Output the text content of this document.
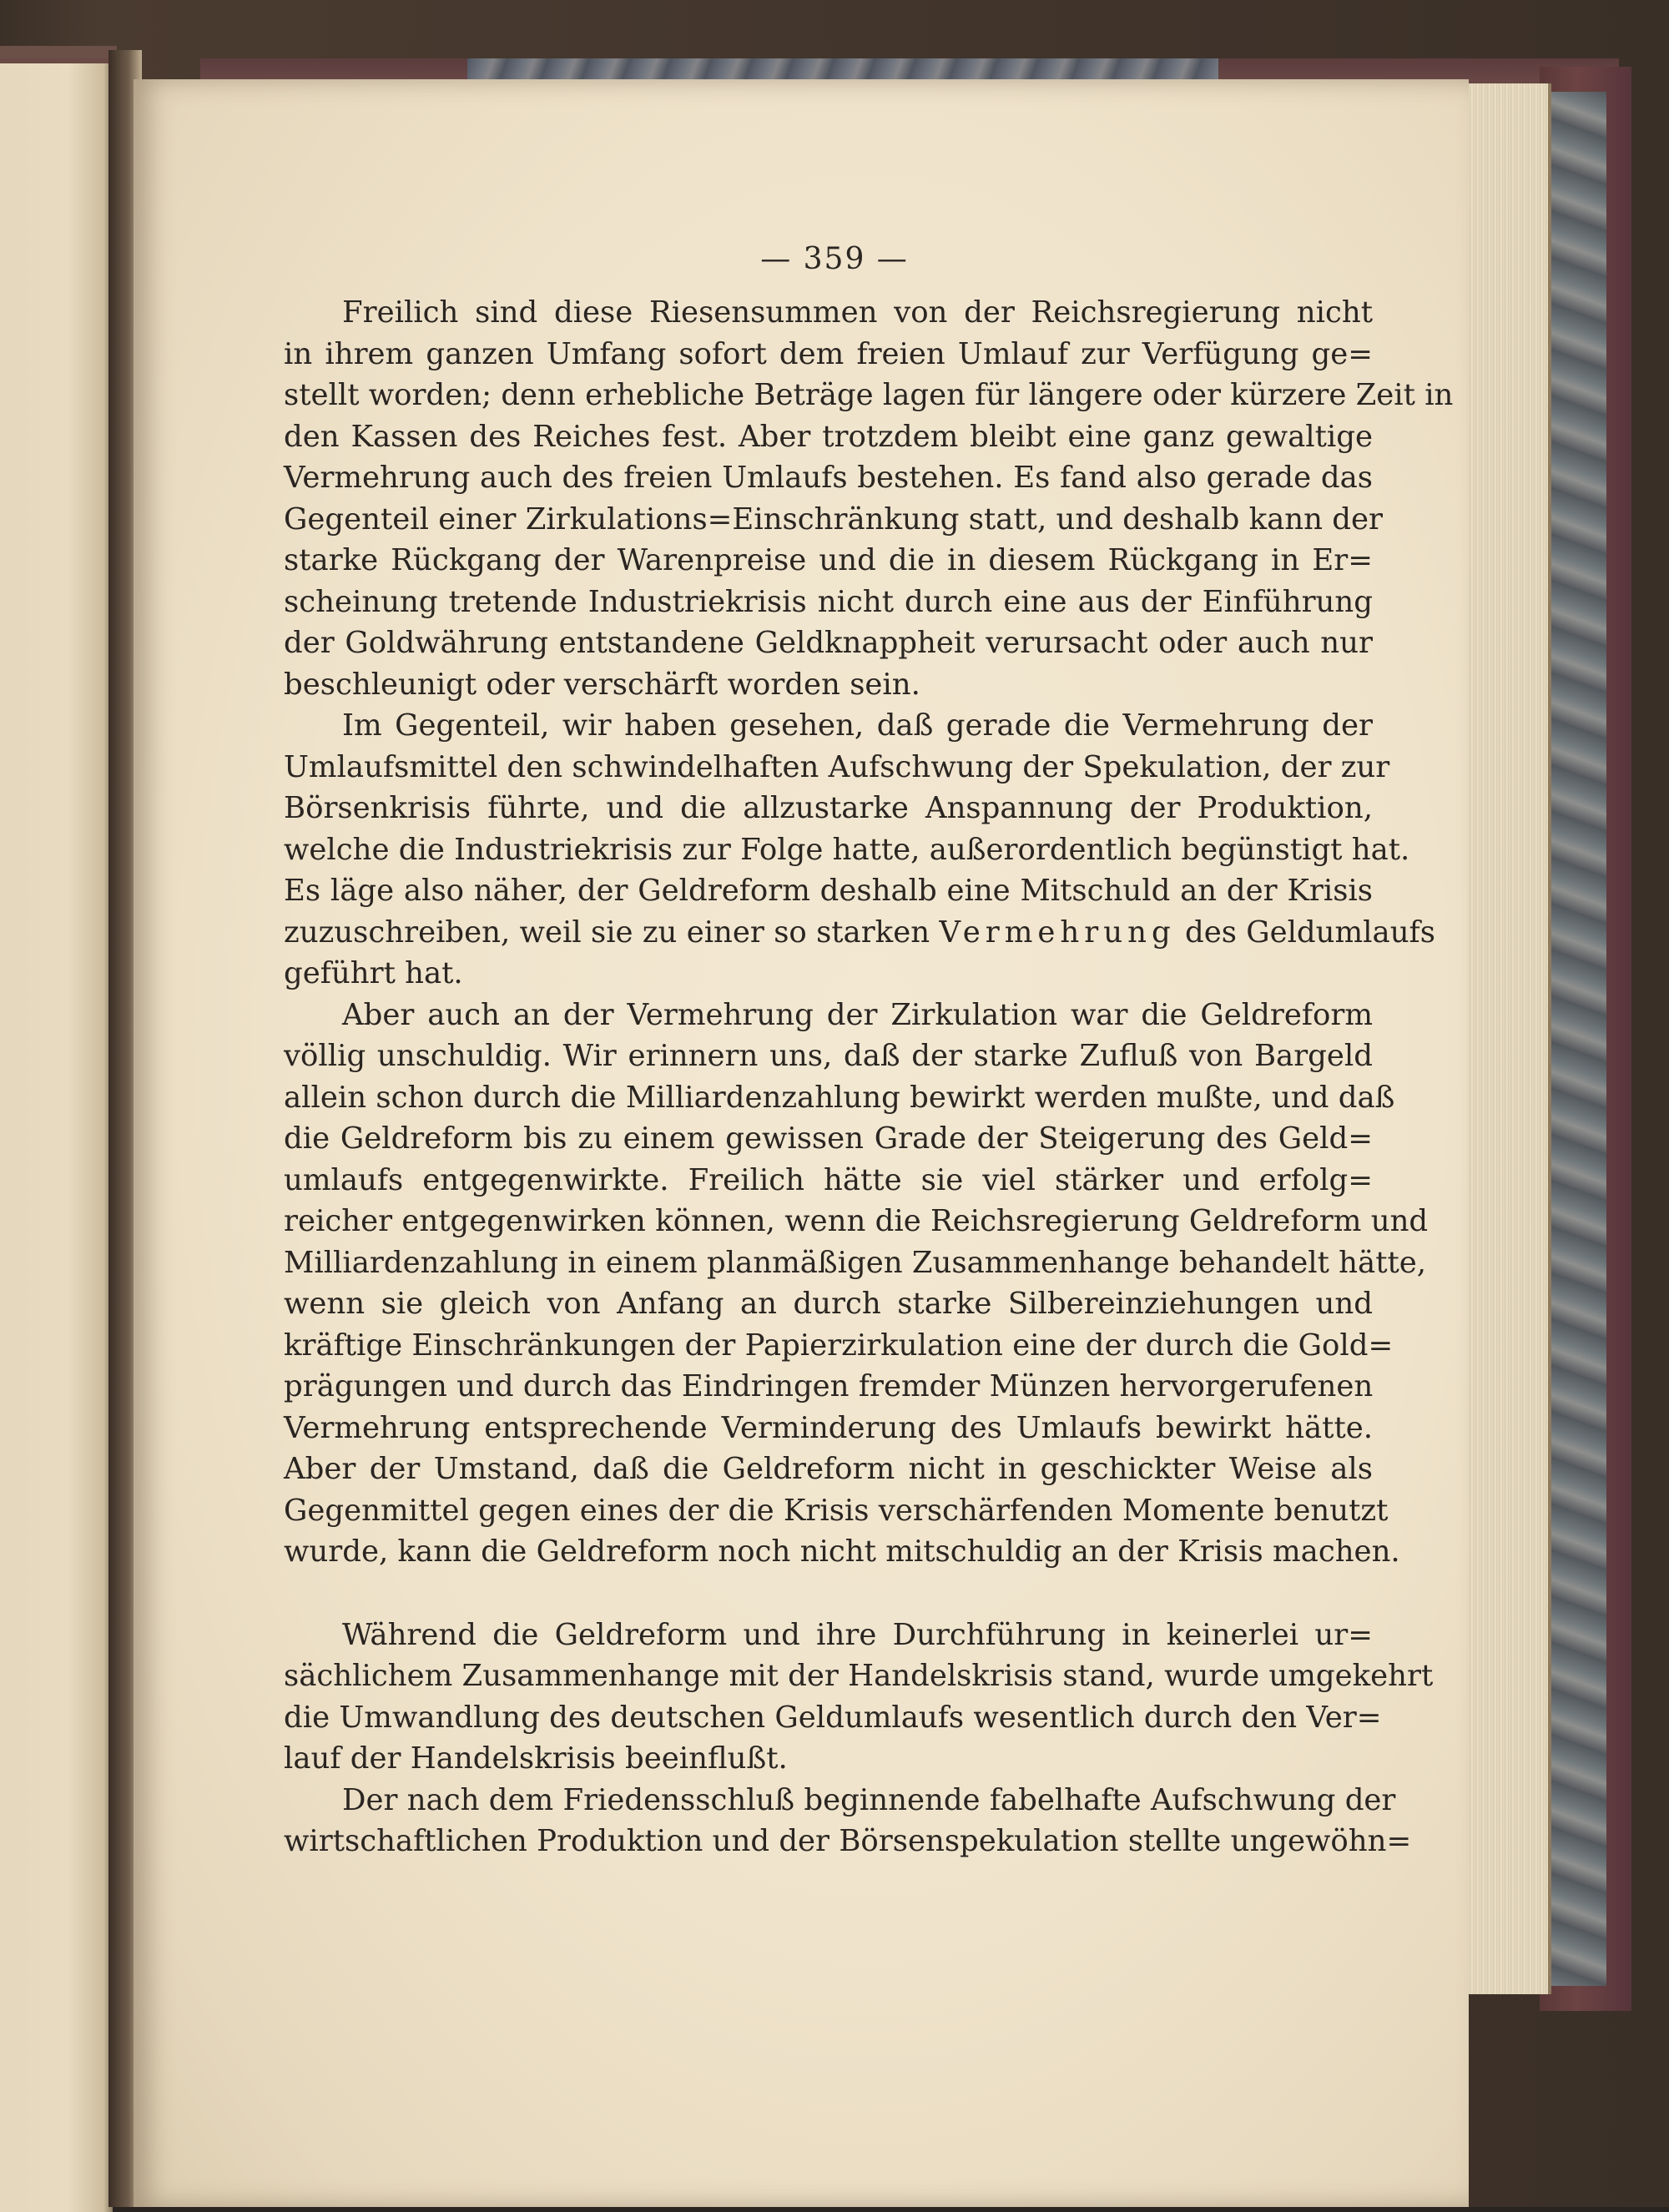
— 359 —

Freilich sind diese Riesensummen von der Reichsregierung nicht
in ihrem ganzen Umfang sofort dem freien Umlauf zur Verfügung ge=
stellt worden; denn erhebliche Beträge lagen für längere oder kürzere Zeit in
den Kassen des Reiches fest. Aber trotzdem bleibt eine ganz gewaltige
Vermehrung auch des freien Umlaufs bestehen. Es fand also gerade das
Gegenteil einer Zirkulations=Einschränkung statt, und deshalb kann der
starke Rückgang der Warenpreise und die in diesem Rückgang in Er=
scheinung tretende Industriekrisis nicht durch eine aus der Einführung
der Goldwährung entstandene Geldknappheit verursacht oder auch nur
beschleunigt oder verschärft worden sein.

Im Gegenteil, wir haben gesehen, daß gerade die Vermehrung der
Umlaufsmittel den schwindelhaften Aufschwung der Spekulation, der zur
Börsenkrisis führte, und die allzustarke Anspannung der Produktion,
welche die Industriekrisis zur Folge hatte, außerordentlich begünstigt hat.
Es läge also näher, der Geldreform deshalb eine Mitschuld an der Krisis
zuzuschreiben, weil sie zu einer so starken Vermehrung des Geldumlaufs
geführt hat.

Aber auch an der Vermehrung der Zirkulation war die Geldreform
völlig unschuldig. Wir erinnern uns, daß der starke Zufluß von Bargeld
allein schon durch die Milliardenzahlung bewirkt werden mußte, und daß
die Geldreform bis zu einem gewissen Grade der Steigerung des Geld=
umlaufs entgegenwirkte. Freilich hätte sie viel stärker und erfolg=
reicher entgegenwirken können, wenn die Reichsregierung Geldreform und
Milliardenzahlung in einem planmäßigen Zusammenhange behandelt hätte,
wenn sie gleich von Anfang an durch starke Silbereinziehungen und
kräftige Einschränkungen der Papierzirkulation eine der durch die Gold=
prägungen und durch das Eindringen fremder Münzen hervorgerufenen
Vermehrung entsprechende Verminderung des Umlaufs bewirkt hätte.
Aber der Umstand, daß die Geldreform nicht in geschickter Weise als
Gegenmittel gegen eines der die Krisis verschärfenden Momente benutzt
wurde, kann die Geldreform noch nicht mitschuldig an der Krisis machen.

Während die Geldreform und ihre Durchführung in keinerlei ur=
sächlichem Zusammenhange mit der Handelskrisis stand, wurde umgekehrt
die Umwandlung des deutschen Geldumlaufs wesentlich durch den Ver=
lauf der Handelskrisis beeinflußt.

Der nach dem Friedensschluß beginnende fabelhafte Aufschwung der
wirtschaftlichen Produktion und der Börsenspekulation stellte ungewöhn=
